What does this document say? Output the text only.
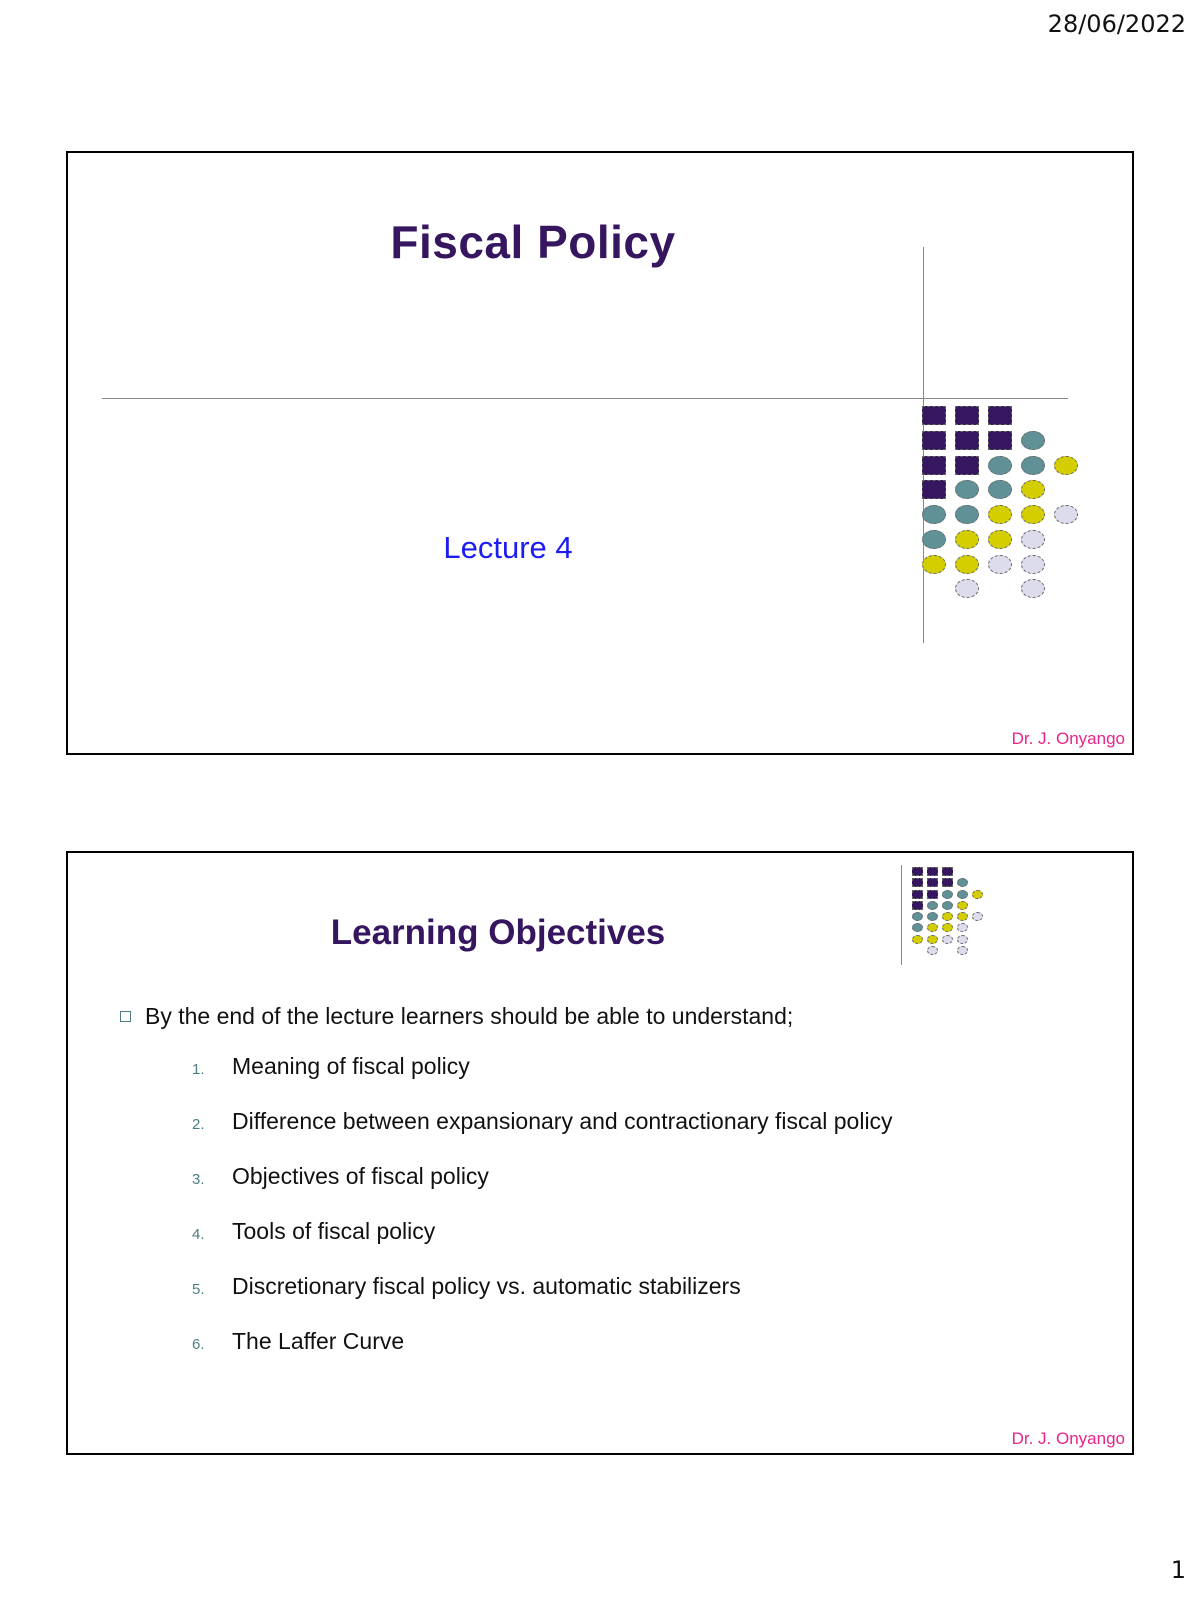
28/06/2022
Fiscal Policy
Lecture 4
Dr. J. Onyango
Learning Objectives
By the end of the lecture learners should be able to understand;
1. Meaning of fiscal policy
2. Difference between expansionary and contractionary fiscal policy
3. Objectives of fiscal policy
4. Tools of fiscal policy
5. Discretionary fiscal policy vs. automatic stabilizers
6. The Laffer Curve
Dr. J. Onyango
1
